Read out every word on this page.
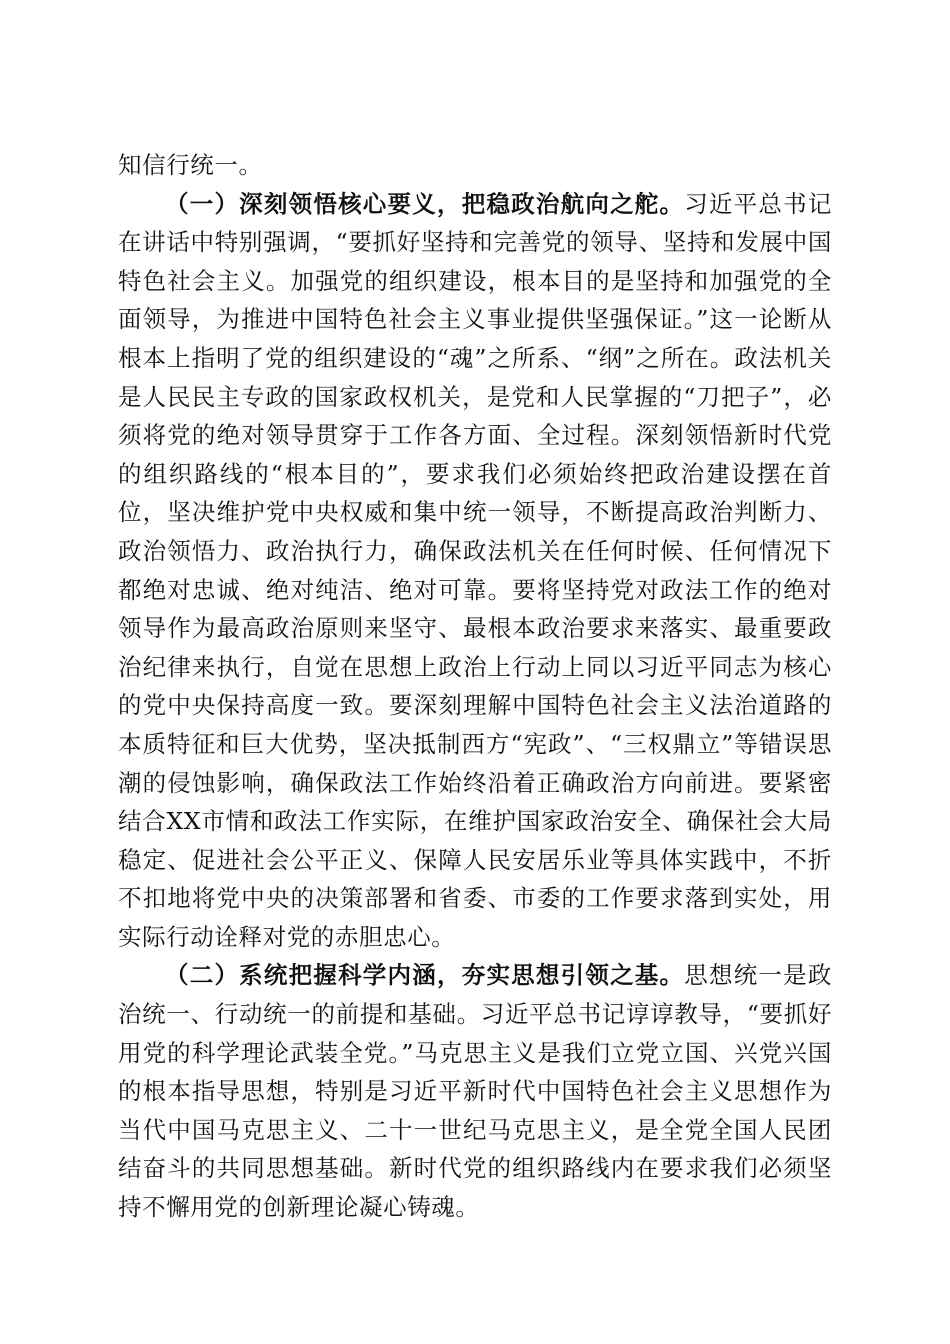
知信行统一。

（一）深刻领悟核心要义，把稳政治航向之舵。习近平总书记在讲话中特别强调，“要抓好坚持和完善党的领导、坚持和发展中国特色社会主义。加强党的组织建设，根本目的是坚持和加强党的全面领导，为推进中国特色社会主义事业提供坚强保证。”这一论断从根本上指明了党的组织建设的“魂”之所系、“纲”之所在。政法机关是人民民主专政的国家政权机关，是党和人民掌握的“刀把子”，必须将党的绝对领导贯穿于工作各方面、全过程。深刻领悟新时代党的组织路线的“根本目的”，要求我们必须始终把政治建设摆在首位，坚决维护党中央权威和集中统一领导，不断提高政治判断力、政治领悟力、政治执行力，确保政法机关在任何时候、任何情况下都绝对忠诚、绝对纯洁、绝对可靠。要将坚持党对政法工作的绝对领导作为最高政治原则来坚守、最根本政治要求来落实、最重要政治纪律来执行，自觉在思想上政治上行动上同以习近平同志为核心的党中央保持高度一致。要深刻理解中国特色社会主义法治道路的本质特征和巨大优势，坚决抵制西方“宪政”、“三权鼎立”等错误思潮的侵蚀影响，确保政法工作始终沿着正确政治方向前进。要紧密结合XX市情和政法工作实际，在维护国家政治安全、确保社会大局稳定、促进社会公平正义、保障人民安居乐业等具体实践中，不折不扣地将党中央的决策部署和省委、市委的工作要求落到实处，用实际行动诠释对党的赤胆忠心。

（二）系统把握科学内涵，夯实思想引领之基。思想统一是政治统一、行动统一的前提和基础。习近平总书记谆谆教导，“要抓好用党的科学理论武装全党。”马克思主义是我们立党立国、兴党兴国的根本指导思想，特别是习近平新时代中国特色社会主义思想作为当代中国马克思主义、二十一世纪马克思主义，是全党全国人民团结奋斗的共同思想基础。新时代党的组织路线内在要求我们必须坚持不懈用党的创新理论凝心铸魂。
